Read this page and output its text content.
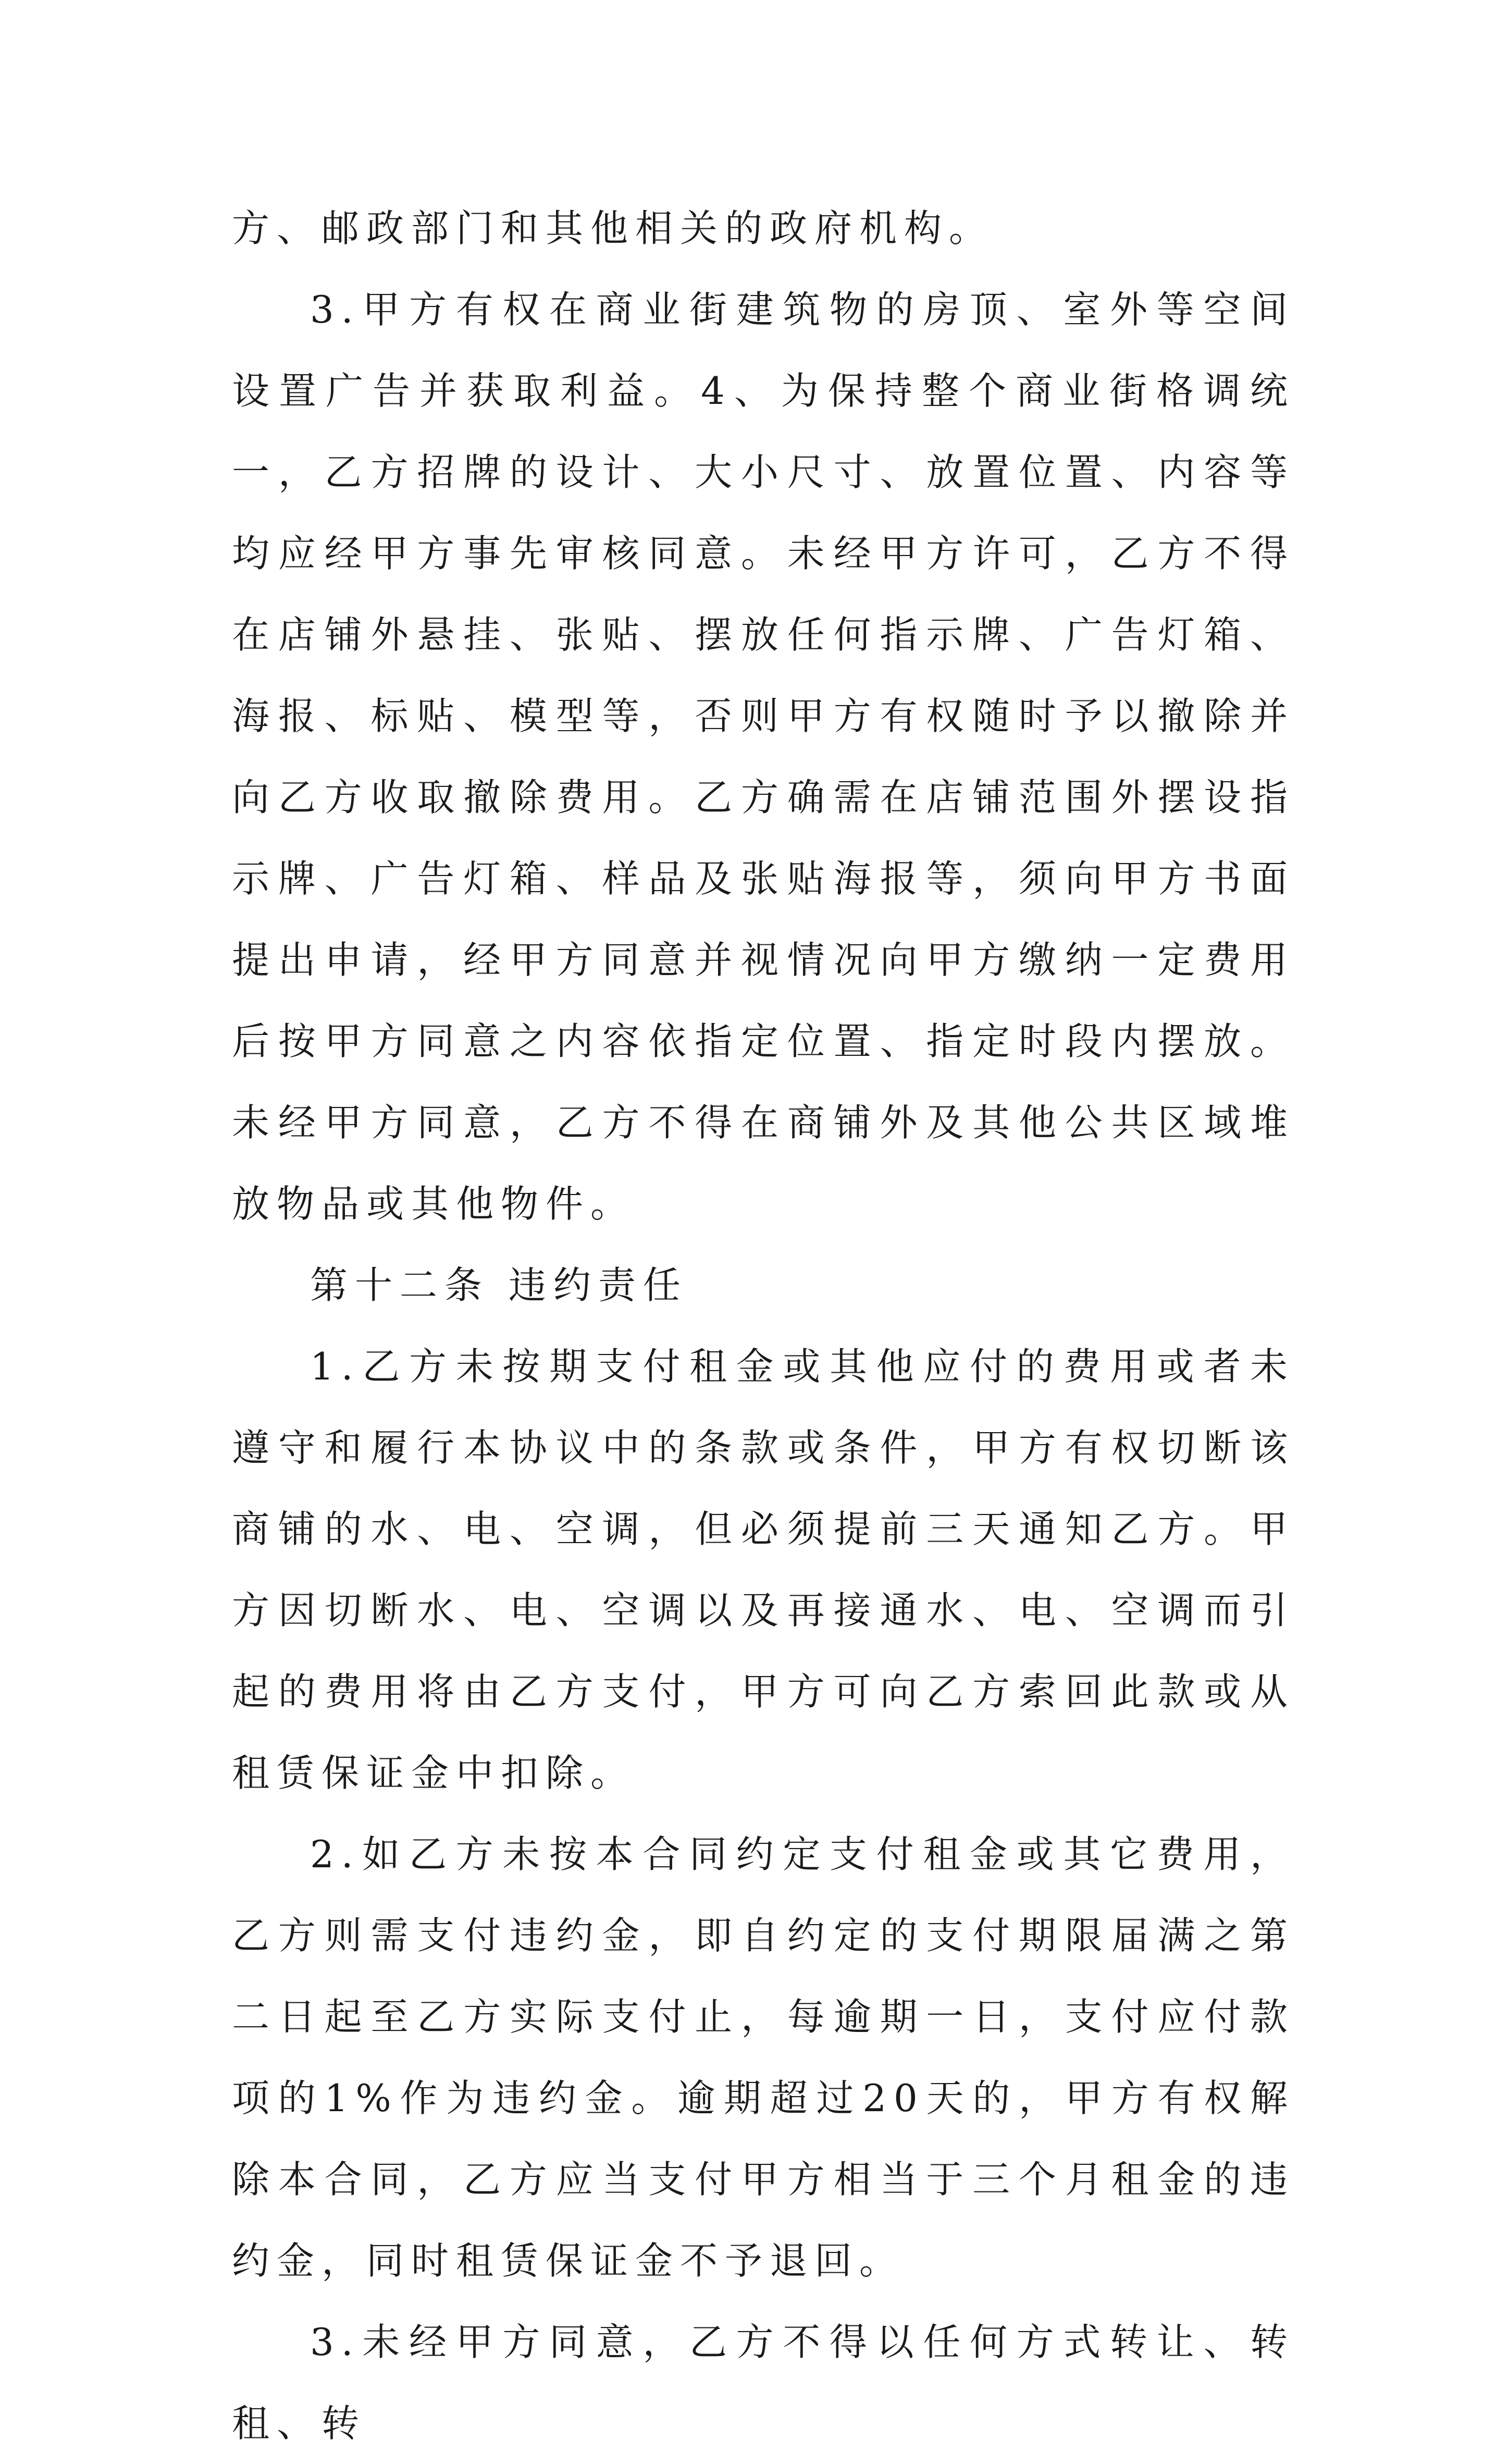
方、邮政部门和其他相关的政府机构。

3.甲方有权在商业街建筑物的房顶、室外等空间设置广告并获取利益。4、为保持整个商业街格调统一，乙方招牌的设计、大小尺寸、放置位置、内容等均应经甲方事先审核同意。未经甲方许可，乙方不得在店铺外悬挂、张贴、摆放任何指示牌、广告灯箱、海报、标贴、模型等，否则甲方有权随时予以撤除并向乙方收取撤除费用。乙方确需在店铺范围外摆设指示牌、广告灯箱、样品及张贴海报等，须向甲方书面提出申请，经甲方同意并视情况向甲方缴纳一定费用后按甲方同意之内容依指定位置、指定时段内摆放。未经甲方同意，乙方不得在商铺外及其他公共区域堆放物品或其他物件。

第十二条 违约责任

1.乙方未按期支付租金或其他应付的费用或者未遵守和履行本协议中的条款或条件，甲方有权切断该商铺的水、电、空调，但必须提前三天通知乙方。甲方因切断水、电、空调以及再接通水、电、空调而引起的费用将由乙方支付，甲方可向乙方索回此款或从租赁保证金中扣除。

2.如乙方未按本合同约定支付租金或其它费用，乙方则需支付违约金，即自约定的支付期限届满之第二日起至乙方实际支付止，每逾期一日，支付应付款项的1%作为违约金。逾期超过20天的，甲方有权解除本合同，乙方应当支付甲方相当于三个月租金的违约金，同时租赁保证金不予退回。

3.未经甲方同意，乙方不得以任何方式转让、转租、转
